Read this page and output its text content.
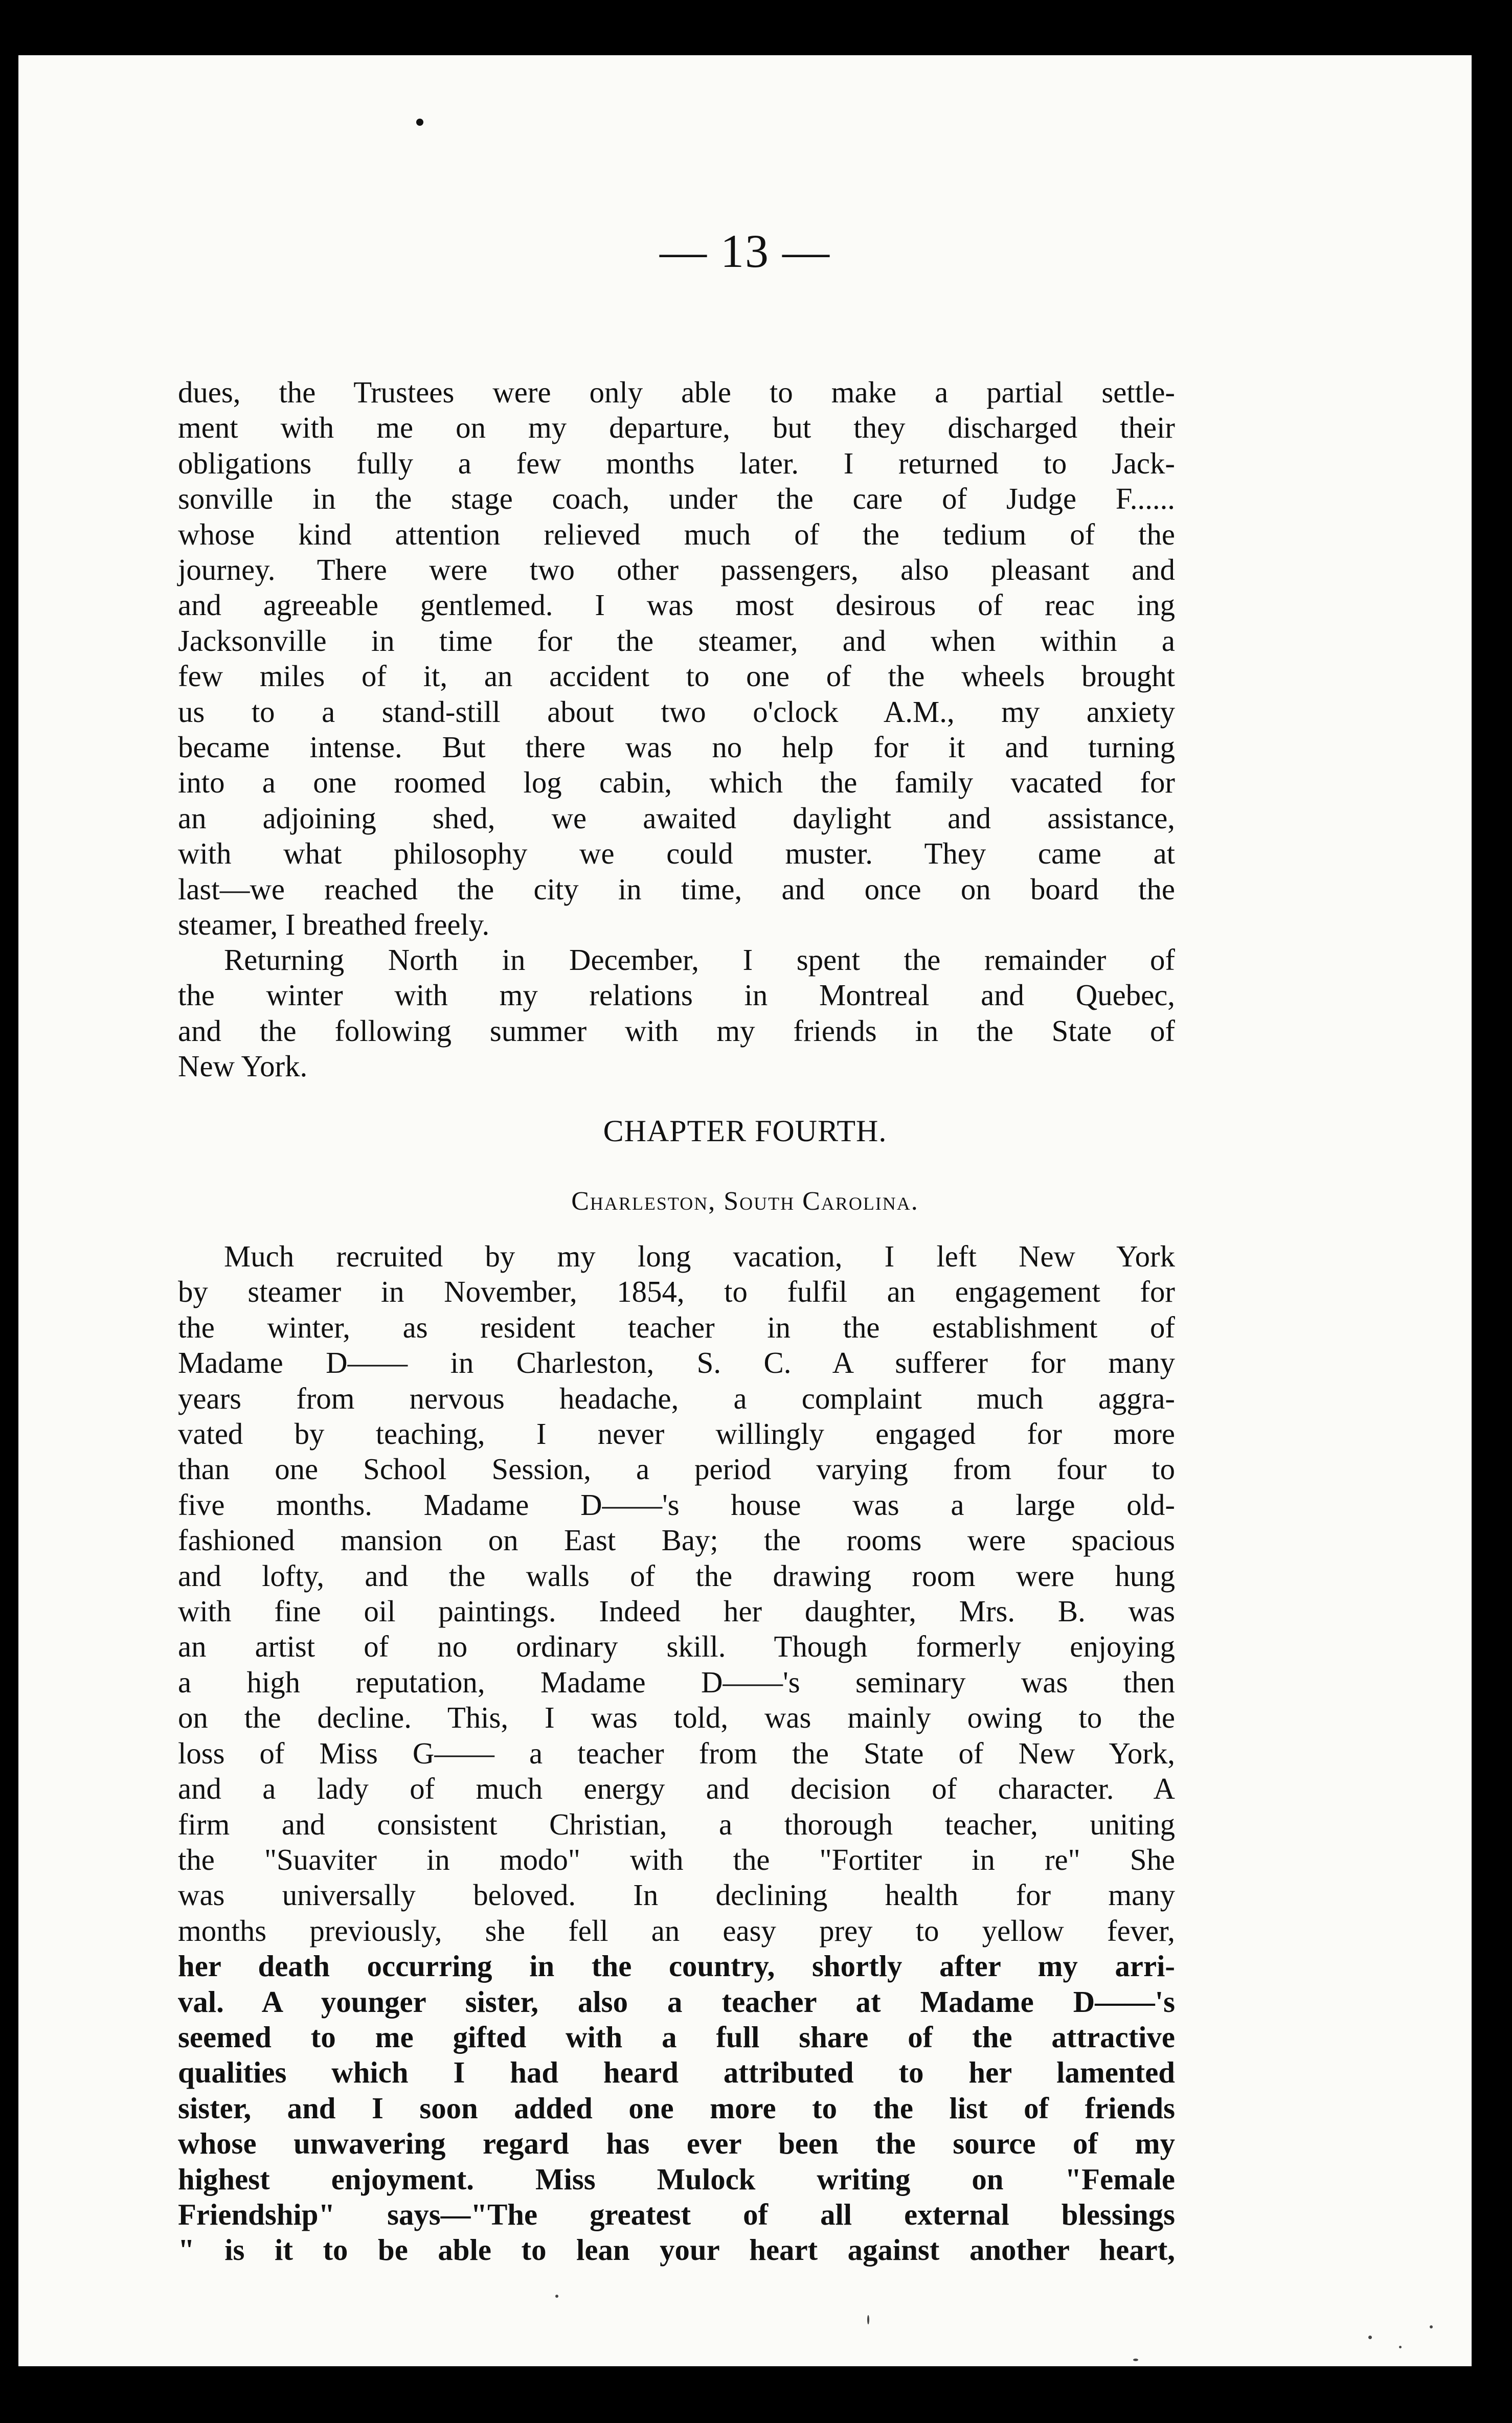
— 13 —
dues, the Trustees were only able to make a partial settle-
ment with me on my departure, but they discharged their
obligations fully a few months later. I returned to Jack-
sonville in the stage coach, under the care of Judge F......
whose kind attention relieved much of the tedium of the
journey. There were two other passengers, also pleasant and
and agreeable gentlemed. I was most desirous of reac ing
Jacksonville in time for the steamer, and when within a
few miles of it, an accident to one of the wheels brought
us to a stand-still about two o'clock A.M., my anxiety
became intense. But there was no help for it and turning
into a one roomed log cabin, which the family vacated for
an adjoining shed, we awaited daylight and assistance,
with what philosophy we could muster. They came at
last—we reached the city in time, and once on board the
steamer, I breathed freely.
Returning North in December, I spent the remainder of
the winter with my relations in Montreal and Quebec,
and the following summer with my friends in the State of
New York.
CHAPTER FOURTH.
Charleston, South Carolina.
Much recruited by my long vacation, I left New York
by steamer in November, 1854, to fulfil an engagement for
the winter, as resident teacher in the establishment of
Madame D—— in Charleston, S. C. A sufferer for many
years from nervous headache, a complaint much aggra-
vated by teaching, I never willingly engaged for more
than one School Session, a period varying from four to
five months. Madame D——'s house was a large old-
fashioned mansion on East Bay; the rooms were spacious
and lofty, and the walls of the drawing room were hung
with fine oil paintings. Indeed her daughter, Mrs. B. was
an artist of no ordinary skill. Though formerly enjoying
a high reputation, Madame D——'s seminary was then
on the decline. This, I was told, was mainly owing to the
loss of Miss G—— a teacher from the State of New York,
and a lady of much energy and decision of character. A
firm and consistent Christian, a thorough teacher, uniting
the "Suaviter in modo" with the "Fortiter in re" She
was universally beloved. In declining health for many
months previously, she fell an easy prey to yellow fever,
her death occurring in the country, shortly after my arri-
val. A younger sister, also a teacher at Madame D——'s
seemed to me gifted with a full share of the attractive
qualities which I had heard attributed to her lamented
sister, and I soon added one more to the list of friends
whose unwavering regard has ever been the source of my
highest enjoyment. Miss Mulock writing on "Female
Friendship" says—"The greatest of all external blessings
" is it to be able to lean your heart against another heart,
